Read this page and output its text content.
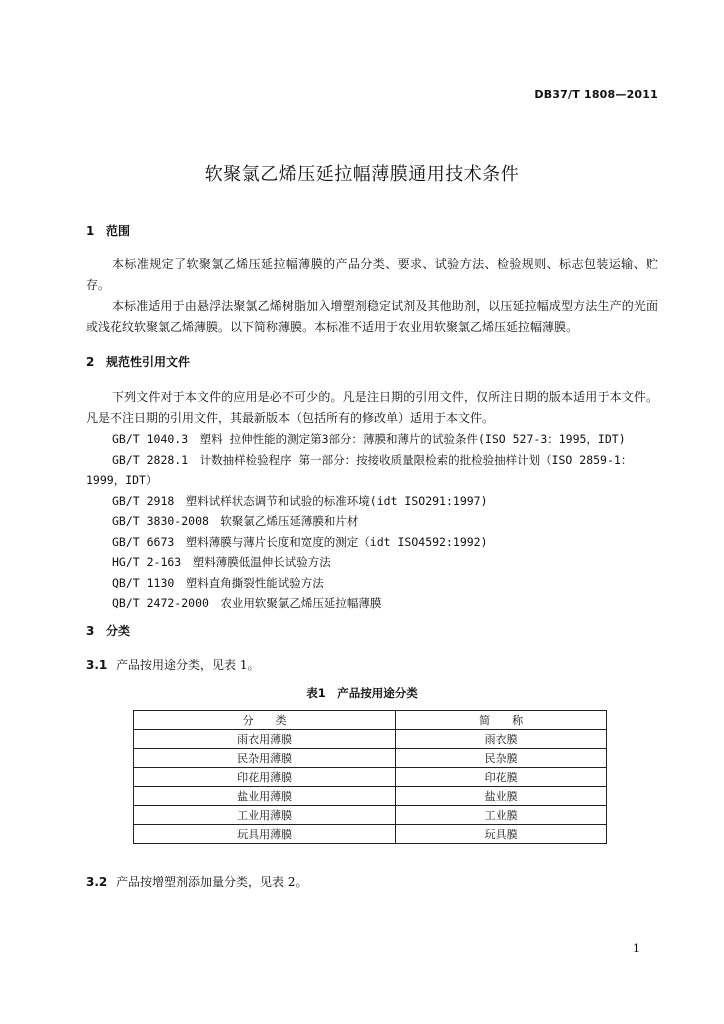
DB37/T 1808—2011
软聚氯乙烯压延拉幅薄膜通用技术条件
1 范围
本标准规定了软聚氯乙烯压延拉幅薄膜的产品分类、要求、试验方法、检验规则、标志包装运输、贮存。
本标准适用于由悬浮法聚氯乙烯树脂加入增塑剂稳定试剂及其他助剂，以压延拉幅成型方法生产的光面或浅花纹软聚氯乙烯薄膜。以下简称薄膜。本标准不适用于农业用软聚氯乙烯压延拉幅薄膜。
2 规范性引用文件
下列文件对于本文件的应用是必不可少的。凡是注日期的引用文件，仅所注日期的版本适用于本文件。凡是不注日期的引用文件，其最新版本（包括所有的修改单）适用于本文件。
GB/T 1040.3　塑料 拉伸性能的测定第3部分：薄膜和薄片的试验条件(ISO 527-3：1995，IDT)
GB/T 2828.1　计数抽样检验程序 第一部分：按接收质量限检索的批检验抽样计划（ISO 2859-1：1999，IDT）
GB/T 2918　塑料试样状态调节和试验的标准环境(idt ISO291:1997)
GB/T 3830-2008　软聚氯乙烯压延薄膜和片材
GB/T 6673　塑料薄膜与薄片长度和宽度的测定（idt ISO4592:1992)
HG/T 2-163　塑料薄膜低温伸长试验方法
QB/T 1130　塑料直角撕裂性能试验方法
QB/T 2472-2000　农业用软聚氯乙烯压延拉幅薄膜
3 分类
3.1 产品按用途分类，见表 1。
表1　产品按用途分类
分　　类	简　　称
雨衣用薄膜	雨衣膜
民杂用薄膜	民杂膜
印花用薄膜	印花膜
盐业用薄膜	盐业膜
工业用薄膜	工业膜
玩具用薄膜	玩具膜
3.2 产品按增塑剂添加量分类，见表 2。
1
